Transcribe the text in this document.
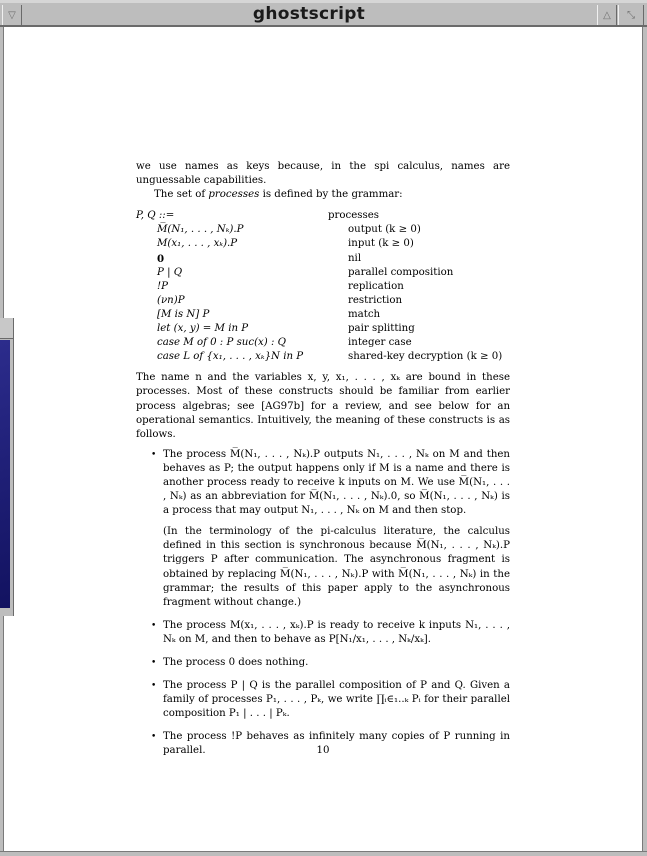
▽	ghostscript	△ ⤡

we use names as keys because, in the spi calculus, names are unguessable capabilities.

The set of processes is defined by the grammar:

P, Q ::=	processes
M̅(N₁, . . . , Nₖ).P	output (k ≥ 0)
M(x₁, . . . , xₖ).P	input (k ≥ 0)
0	nil
P | Q	parallel composition
!P	replication
(νn)P	restriction
[M is N] P	match
let (x, y) = M in P	pair splitting
case M of 0 : P suc(x) : Q	integer case
case L of {x₁, . . . , xₖ}N in P	shared-key decryption (k ≥ 0)

The name n and the variables x, y, x₁, . . . , xₖ are bound in these processes. Most of these constructs should be familiar from earlier process algebras; see [AG97b] for a review, and see below for an operational semantics. Intuitively, the meaning of these constructs is as follows.

• The process M̅(N₁, . . . , Nₖ).P outputs N₁, . . . , Nₖ on M and then behaves as P; the output happens only if M is a name and there is another process ready to receive k inputs on M. We use M̅(N₁, . . . , Nₖ) as an abbreviation for M̅(N₁, . . . , Nₖ).0, so M̅(N₁, . . . , Nₖ) is a process that may output N₁, . . . , Nₖ on M and then stop.

(In the terminology of the pi-calculus literature, the calculus defined in this section is synchronous because M̅(N₁, . . . , Nₖ).P triggers P after communication. The asynchronous fragment is obtained by replacing M̅(N₁, . . . , Nₖ).P with M̅(N₁, . . . , Nₖ) in the grammar; the results of this paper apply to the asynchronous fragment without change.)

• The process M(x₁, . . . , xₖ).P is ready to receive k inputs N₁, . . . , Nₖ on M, and then to behave as P[N₁/x₁, . . . , Nₖ/xₖ].
• The process 0 does nothing.
• The process P | Q is the parallel composition of P and Q. Given a family of processes P₁, . . . , Pₖ, we write ∏ᵢ∈₁..ₖ Pᵢ for their parallel composition P₁ | . . . | Pₖ.
• The process !P behaves as infinitely many copies of P running in parallel.	10
